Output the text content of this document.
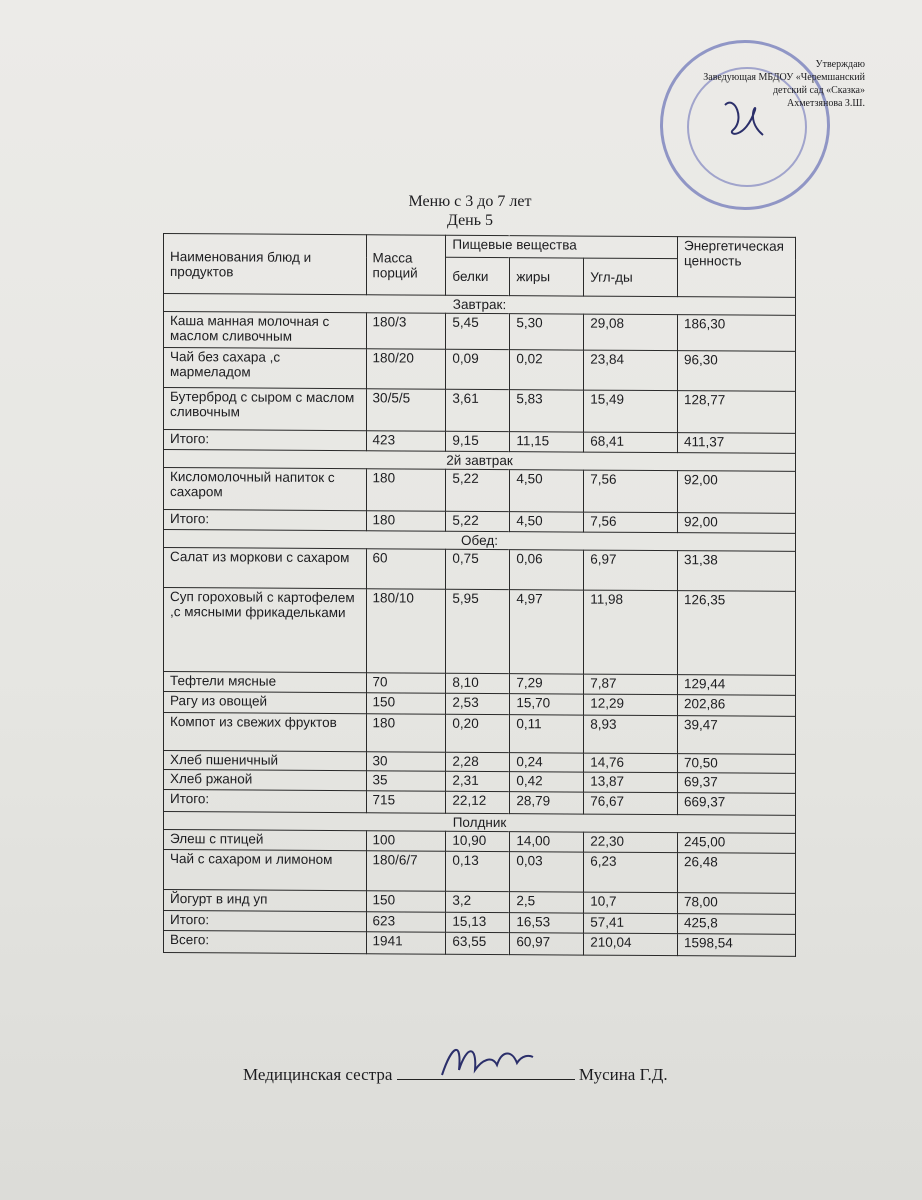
Утверждаю
Заведующая МБДОУ «Черемшанский
детский сад «Сказка»
Ахметзянова З.Ш.
Меню с 3 до 7 лет
День 5
Наименования блюд и продуктов	Масса порций	Пищевые вещества			Энергетическая ценность
		белки	жиры	Угл-ды	
Завтрак:					
Каша манная молочная с маслом сливочным	180/3	5,45	5,30	29,08	186,30
Чай без сахара ,с мармеладом	180/20	0,09	0,02	23,84	96,30
Бутерброд с сыром с маслом сливочным	30/5/5	3,61	5,83	15,49	128,77
Итого:	423	9,15	11,15	68,41	411,37
2й завтрак					
Кисломолочный напиток с сахаром	180	5,22	4,50	7,56	92,00
Итого:	180	5,22	4,50	7,56	92,00
Обед:					
Салат из моркови с сахаром	60	0,75	0,06	6,97	31,38
Суп гороховый с картофелем ,с мясными фрикадельками	180/10	5,95	4,97	11,98	126,35
Тефтели мясные	70	8,10	7,29	7,87	129,44
Рагу из овощей	150	2,53	15,70	12,29	202,86
Компот из свежих фруктов	180	0,20	0,11	8,93	39,47
Хлеб пшеничный	30	2,28	0,24	14,76	70,50
Хлеб ржаной	35	2,31	0,42	13,87	69,37
Итого:	715	22,12	28,79	76,67	669,37
Полдник					
Элеш с птицей	100	10,90	14,00	22,30	245,00
Чай с сахаром и лимоном	180/6/7	0,13	0,03	6,23	26,48
Йогурт в инд уп	150	3,2	2,5	10,7	78,00
Итого:	623	15,13	16,53	57,41	425,8
Всего:	1941	63,55	60,97	210,04	1598,54
Медицинская сестра	Мусина Г.Д.
